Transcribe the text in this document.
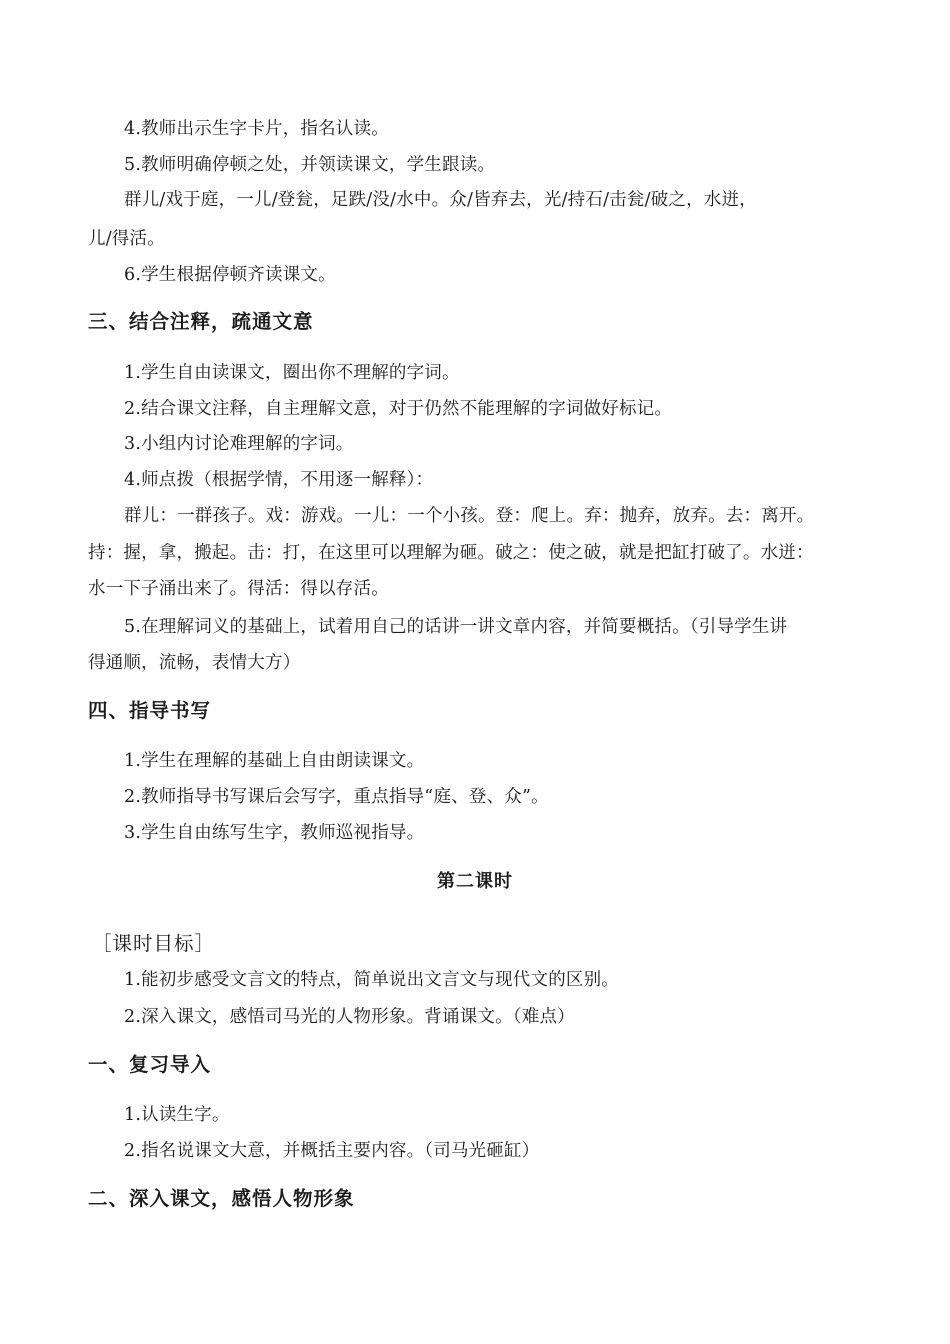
4.教师出示生字卡片，指名认读。
5.教师明确停顿之处，并领读课文，学生跟读。
群儿/戏于庭，一儿/登瓮，足跌/没/水中。众/皆弃去，光/持石/击瓮/破之，水迸，
儿/得活。
6.学生根据停顿齐读课文。
三、结合注释，疏通文意
1.学生自由读课文，圈出你不理解的字词。
2.结合课文注释，自主理解文意，对于仍然不能理解的字词做好标记。
3.小组内讨论难理解的字词。
4.师点拨（根据学情，不用逐一解释）：
群儿：一群孩子。戏：游戏。一儿：一个小孩。登：爬上。弃：抛弃，放弃。去：离开。
持：握，拿，搬起。击：打，在这里可以理解为砸。破之：使之破，就是把缸打破了。水迸：
水一下子涌出来了。得活：得以存活。
5.在理解词义的基础上，试着用自己的话讲一讲文章内容，并简要概括。（引导学生讲
得通顺，流畅，表情大方）
四、指导书写
1.学生在理解的基础上自由朗读课文。
2.教师指导书写课后会写字，重点指导“庭、登、众”。
3.学生自由练写生字，教师巡视指导。
第二课时
［课时目标］
1.能初步感受文言文的特点，简单说出文言文与现代文的区别。
2.深入课文，感悟司马光的人物形象。背诵课文。（难点）
一、复习导入
1.认读生字。
2.指名说课文大意，并概括主要内容。（司马光砸缸）
二、深入课文，感悟人物形象
